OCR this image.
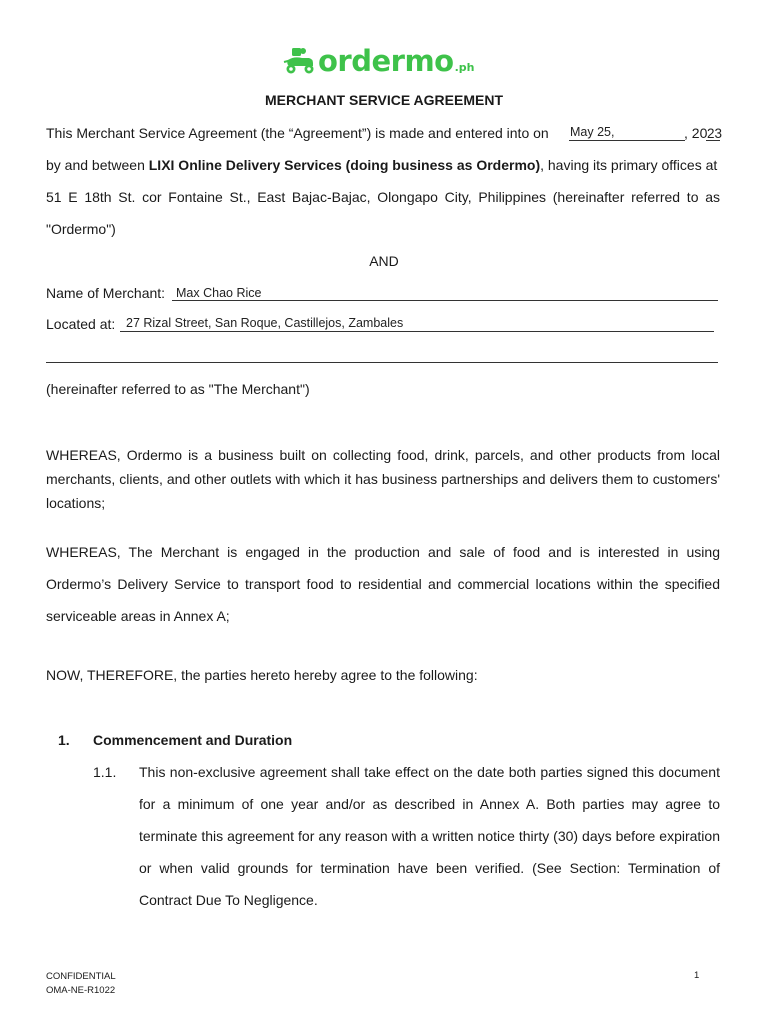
ordermo .ph
MERCHANT SERVICE AGREEMENT
This Merchant Service Agreement (the “Agreement”) is made and entered into on	May 25,	, 20 23
by and between LIXI Online Delivery Services (doing business as Ordermo), having its primary offices at
51 E 18th St. cor Fontaine St., East Bajac-Bajac, Olongapo City, Philippines (hereinafter referred to as
"Ordermo")
AND
Name of Merchant: Max Chao Rice
Located at: 27 Rizal Street, San Roque, Castillejos, Zambales
(hereinafter referred to as "The Merchant")
WHEREAS, Ordermo is a business built on collecting food, drink, parcels, and other products from local merchants, clients, and other outlets with which it has business partnerships and delivers them to customers' locations;
WHEREAS, The Merchant is engaged in the production and sale of food and is interested in using Ordermo’s Delivery Service to transport food to residential and commercial locations within the specified serviceable areas in Annex A;
NOW, THEREFORE, the parties hereto hereby agree to the following:
1. Commencement and Duration
1.1. This non-exclusive agreement shall take effect on the date both parties signed this document for a minimum of one year and/or as described in Annex A. Both parties may agree to terminate this agreement for any reason with a written notice thirty (30) days before expiration or when valid grounds for termination have been verified. (See Section: Termination of Contract Due To Negligence.
CONFIDENTIAL
OMA-NE-R1022
1
